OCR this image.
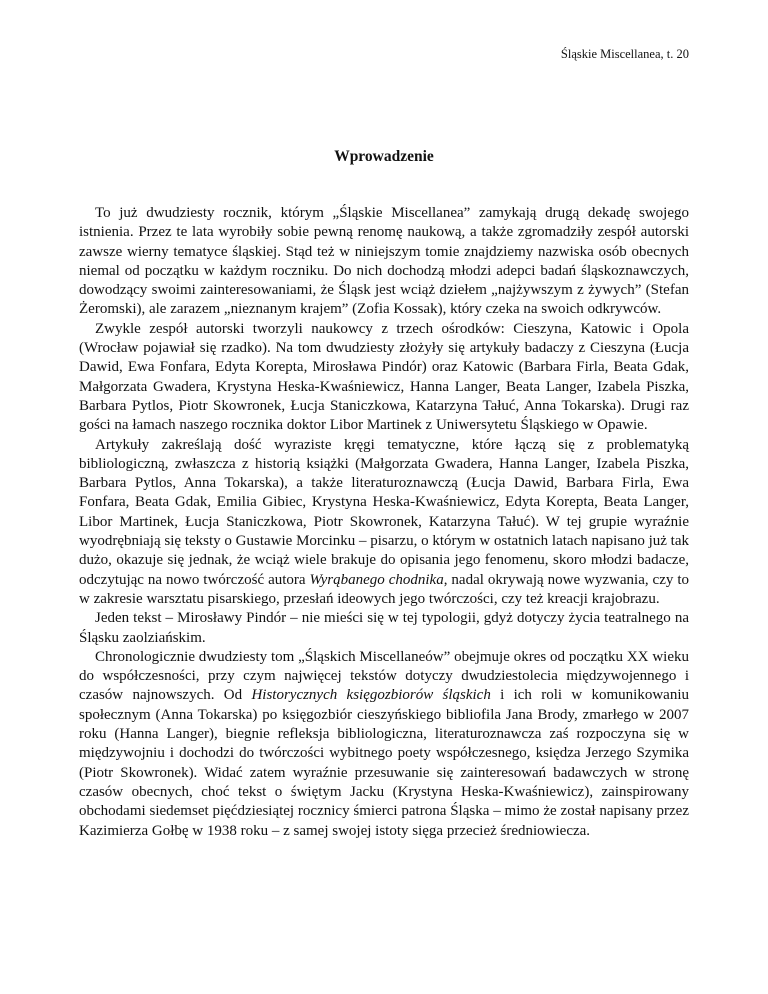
Śląskie Miscellanea, t. 20
Wprowadzenie

To już dwudziesty rocznik, którym „Śląskie Miscellanea” zamykają drugą dekadę swojego istnienia. Przez te lata wyrobiły sobie pewną renomę naukową, a także zgromadziły zespół autorski zawsze wierny tematyce śląskiej. Stąd też w niniejszym tomie znajdziemy nazwiska osób obecnych niemal od początku w każdym roczniku. Do nich dochodzą młodzi adepci badań śląskoznawczych, dowodzący swoimi zainteresowaniami, że Śląsk jest wciąż dziełem „najżywszym z żywych” (Stefan Żeromski), ale zarazem „nieznanym krajem” (Zofia Kossak), który czeka na swoich odkrywców.

Zwykle zespół autorski tworzyli naukowcy z trzech ośrodków: Cieszyna, Katowic i Opola (Wrocław pojawiał się rzadko). Na tom dwudziesty złożyły się artykuły badaczy z Cieszyna (Łucja Dawid, Ewa Fonfara, Edyta Korepta, Mirosława Pindór) oraz Katowic (Barbara Firla, Beata Gdak, Małgorzata Gwadera, Krystyna Heska-Kwaśniewicz, Hanna Langer, Beata Langer, Izabela Piszka, Barbara Pytlos, Piotr Skowronek, Łucja Staniczkowa, Katarzyna Tałuć, Anna Tokarska). Drugi raz gości na łamach naszego rocznika doktor Libor Martinek z Uniwersytetu Śląskiego w Opawie.

Artykuły zakreślają dość wyraziste kręgi tematyczne, które łączą się z problematyką bibliologiczną, zwłaszcza z historią książki (Małgorzata Gwadera, Hanna Langer, Izabela Piszka, Barbara Pytlos, Anna Tokarska), a także literaturoznawczą (Łucja Dawid, Barbara Firla, Ewa Fonfara, Beata Gdak, Emilia Gibiec, Krystyna Heska-Kwaśniewicz, Edyta Korepta, Beata Langer, Libor Martinek, Łucja Staniczkowa, Piotr Skowronek, Katarzyna Tałuć). W tej grupie wyraźnie wyodrębniają się teksty o Gustawie Morcinku – pisarzu, o którym w ostatnich latach napisano już tak dużo, okazuje się jednak, że wciąż wiele brakuje do opisania jego fenomenu, skoro młodzi badacze, odczytując na nowo twórczość autora Wyrąbanego chodnika, nadal okrywają nowe wyzwania, czy to w zakresie warsztatu pisarskiego, przesłań ideowych jego twórczości, czy też kreacji krajobrazu.

Jeden tekst – Mirosławy Pindór – nie mieści się w tej typologii, gdyż dotyczy życia teatralnego na Śląsku zaolziańskim.

Chronologicznie dwudziesty tom „Śląskich Miscellaneów” obejmuje okres od początku XX wieku do współczesności, przy czym najwięcej tekstów dotyczy dwudziestolecia międzywojennego i czasów najnowszych. Od Historycznych księgozbiorów śląskich i ich roli w komunikowaniu społecznym (Anna Tokarska) po księgozbiór cieszyńskiego bibliofila Jana Brody, zmarłego w 2007 roku (Hanna Langer), biegnie refleksja bibliologiczna, literaturoznawcza zaś rozpoczyna się w międzywojniu i dochodzi do twórczości wybitnego poety współczesnego, księdza Jerzego Szymika (Piotr Skowronek). Widać zatem wyraźnie przesuwanie się zainteresowań badawczych w stronę czasów obecnych, choć tekst o świętym Jacku (Krystyna Heska-Kwaśniewicz), zainspirowany obchodami siedemset pięćdziesiątej rocznicy śmierci patrona Śląska – mimo że został napisany przez Kazimierza Gołbę w 1938 roku – z samej swojej istoty sięga przecież średniowiecza.
